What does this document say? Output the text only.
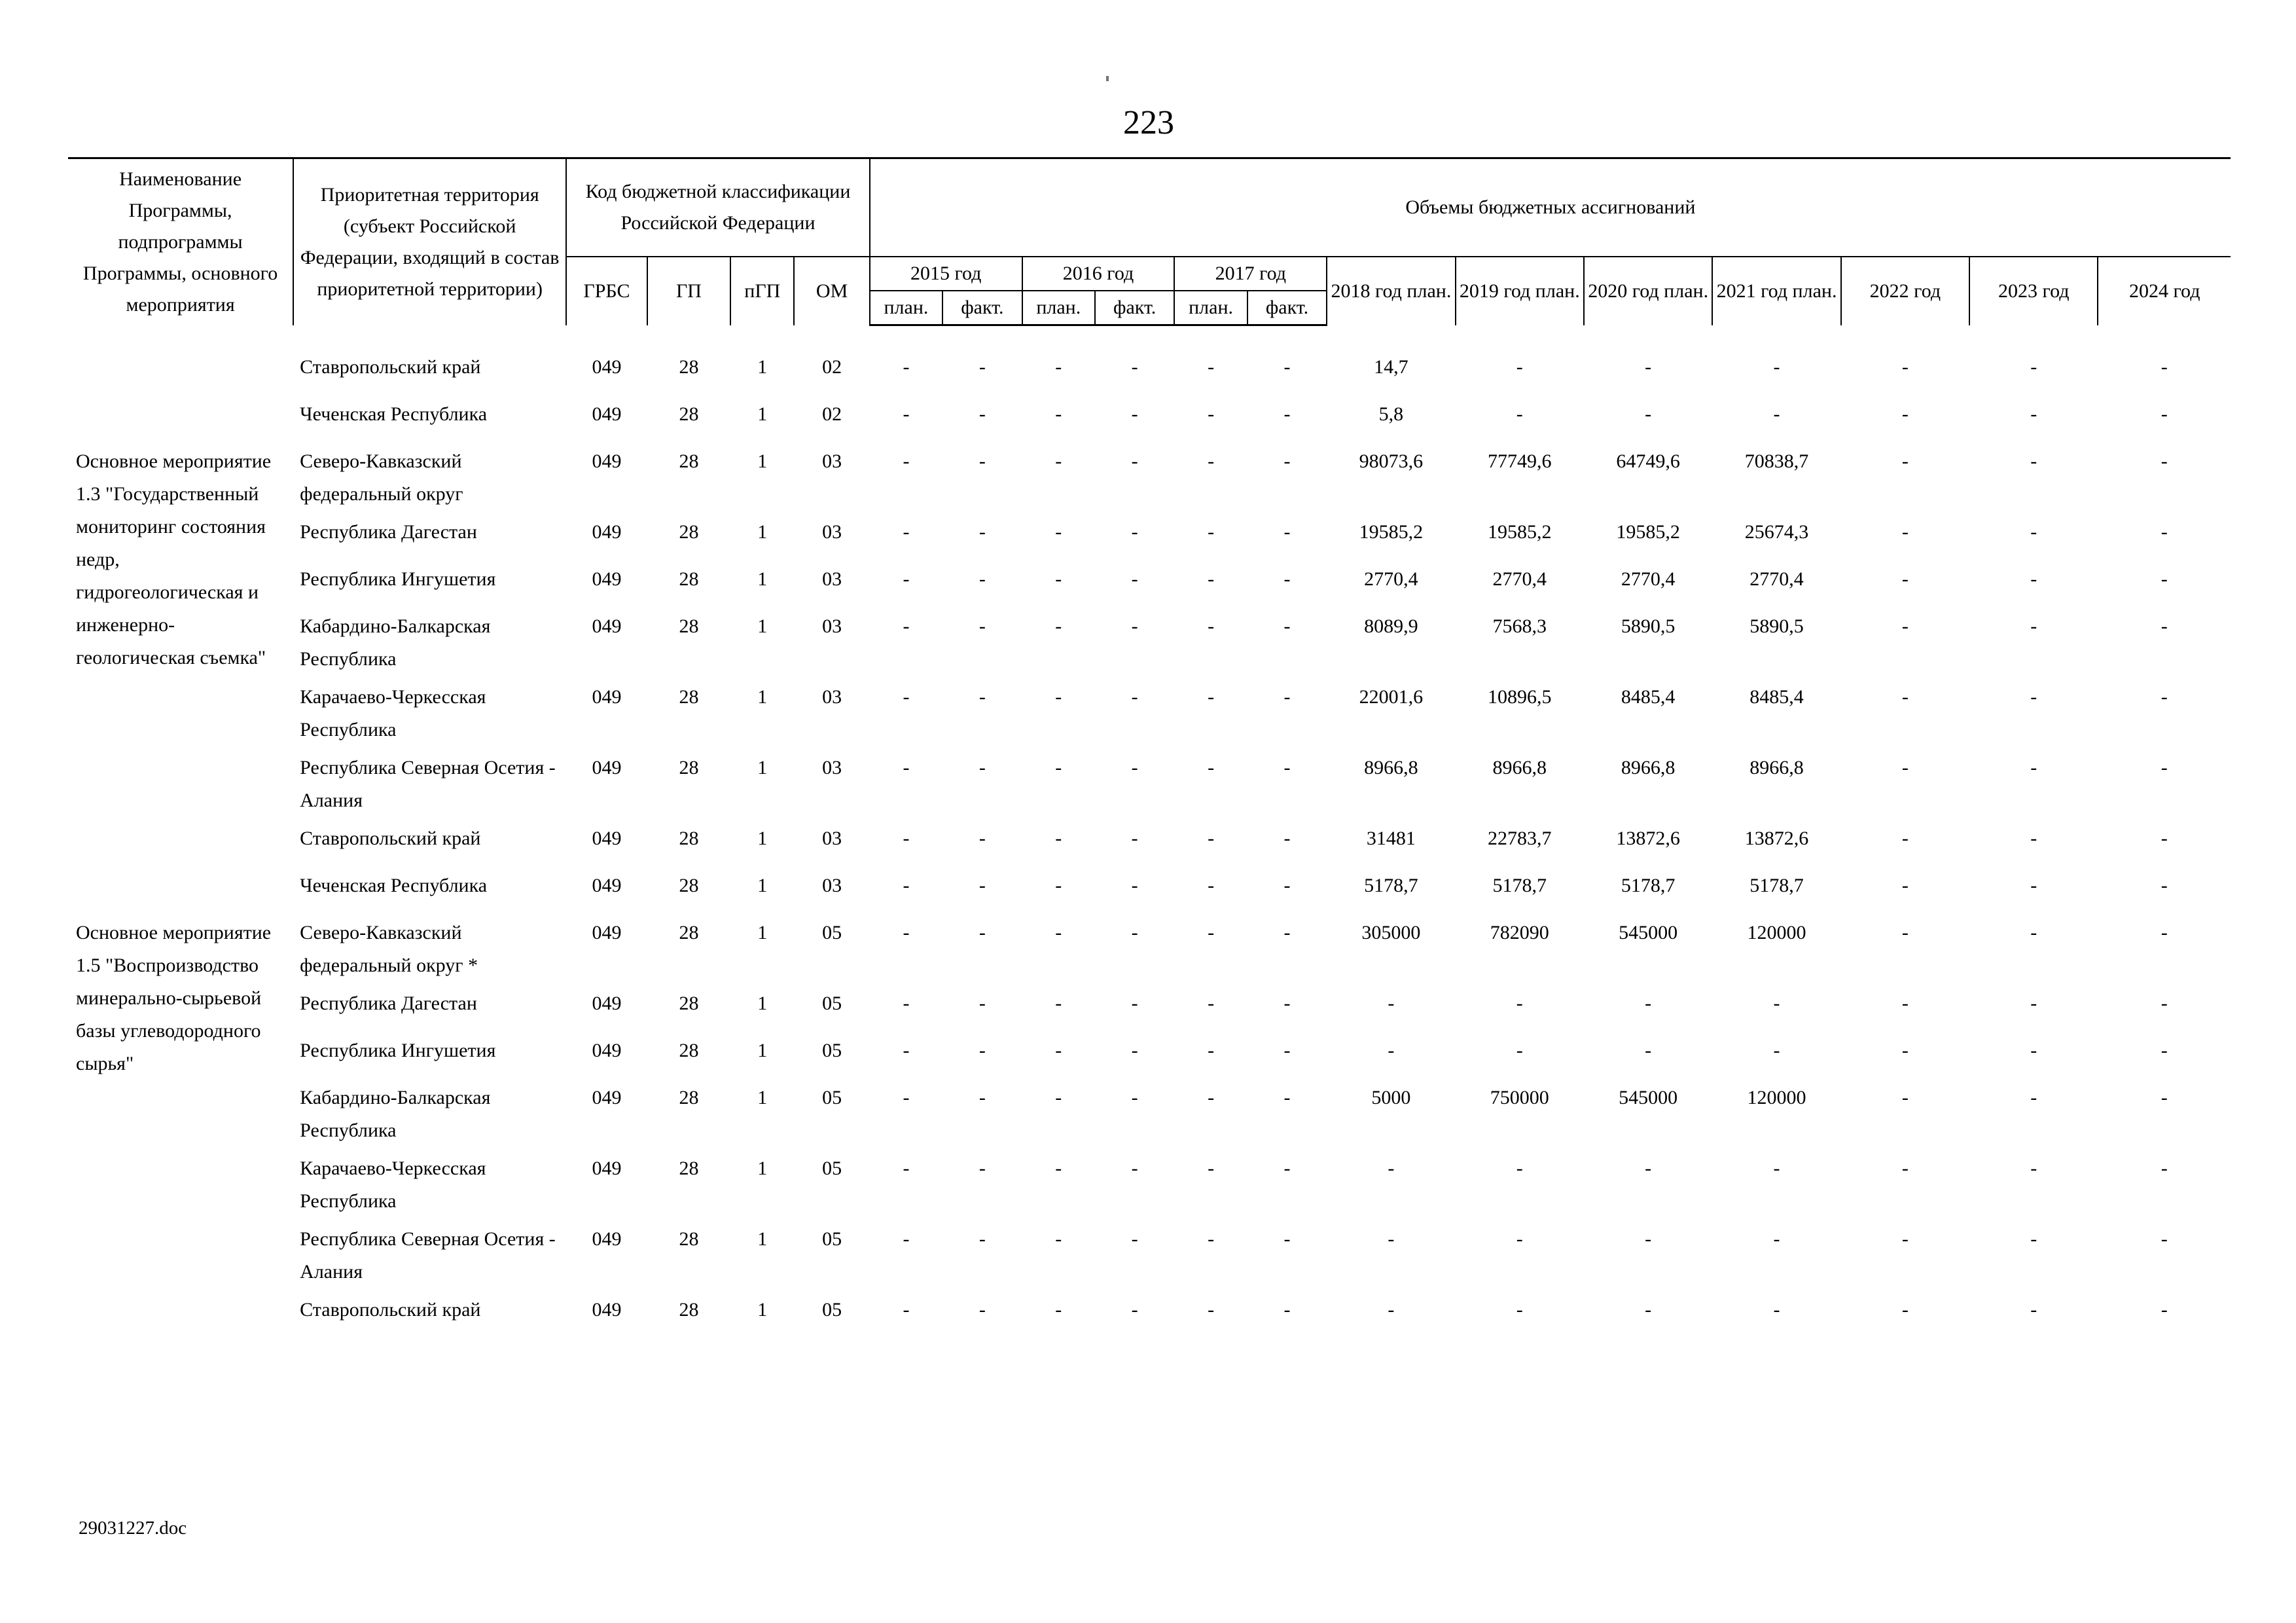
223
Наименование Программы, подпрограммы Программы, основного мероприятия	Приоритетная территория (субъект Российской Федерации, входящий в состав приоритетной территории)	Код бюджетной классификации Российской Федерации				Объемы бюджетных ассигнований												
		ГРБС	ГП	пГП	ОМ	2015 год		2016 год		2017 год		2018 год план.	2019 год план.	2020 год план.	2021 год план.	2022 год	2023 год	2024 год
						план.	факт.	план.	факт.	план.	факт.							

	Ставропольский край	049	28	1	02	-	-	-	-	-	-	14,7	-	-	-	-	-	-
	Чеченская Республика	049	28	1	02	-	-	-	-	-	-	5,8	-	-	-	-	-	-
Основное мероприятие 1.3 "Государственный мониторинг состояния недр, гидрогеологическая и инженерно-геологическая съемка"	Северо-Кавказский федеральный округ	049	28	1	03	-	-	-	-	-	-	98073,6	77749,6	64749,6	70838,7	-	-	-
	Республика Дагестан	049	28	1	03	-	-	-	-	-	-	19585,2	19585,2	19585,2	25674,3	-	-	-
	Республика Ингушетия	049	28	1	03	-	-	-	-	-	-	2770,4	2770,4	2770,4	2770,4	-	-	-
	Кабардино-Балкарская Республика	049	28	1	03	-	-	-	-	-	-	8089,9	7568,3	5890,5	5890,5	-	-	-
	Карачаево-Черкесская Республика	049	28	1	03	-	-	-	-	-	-	22001,6	10896,5	8485,4	8485,4	-	-	-
	Республика Северная Осетия - Алания	049	28	1	03	-	-	-	-	-	-	8966,8	8966,8	8966,8	8966,8	-	-	-
	Ставропольский край	049	28	1	03	-	-	-	-	-	-	31481	22783,7	13872,6	13872,6	-	-	-
	Чеченская Республика	049	28	1	03	-	-	-	-	-	-	5178,7	5178,7	5178,7	5178,7	-	-	-
Основное мероприятие 1.5 "Воспроизводство минерально-сырьевой базы углеводородного сырья"	Северо-Кавказский федеральный округ *	049	28	1	05	-	-	-	-	-	-	305000	782090	545000	120000	-	-	-
	Республика Дагестан	049	28	1	05	-	-	-	-	-	-	-	-	-	-	-	-	-
	Республика Ингушетия	049	28	1	05	-	-	-	-	-	-	-	-	-	-	-	-	-
	Кабардино-Балкарская Республика	049	28	1	05	-	-	-	-	-	-	5000	750000	545000	120000	-	-	-
	Карачаево-Черкесская Республика	049	28	1	05	-	-	-	-	-	-	-	-	-	-	-	-	-
	Республика Северная Осетия - Алания	049	28	1	05	-	-	-	-	-	-	-	-	-	-	-	-	-
	Ставропольский край	049	28	1	05	-	-	-	-	-	-	-	-	-	-	-	-	-
29031227.doc
